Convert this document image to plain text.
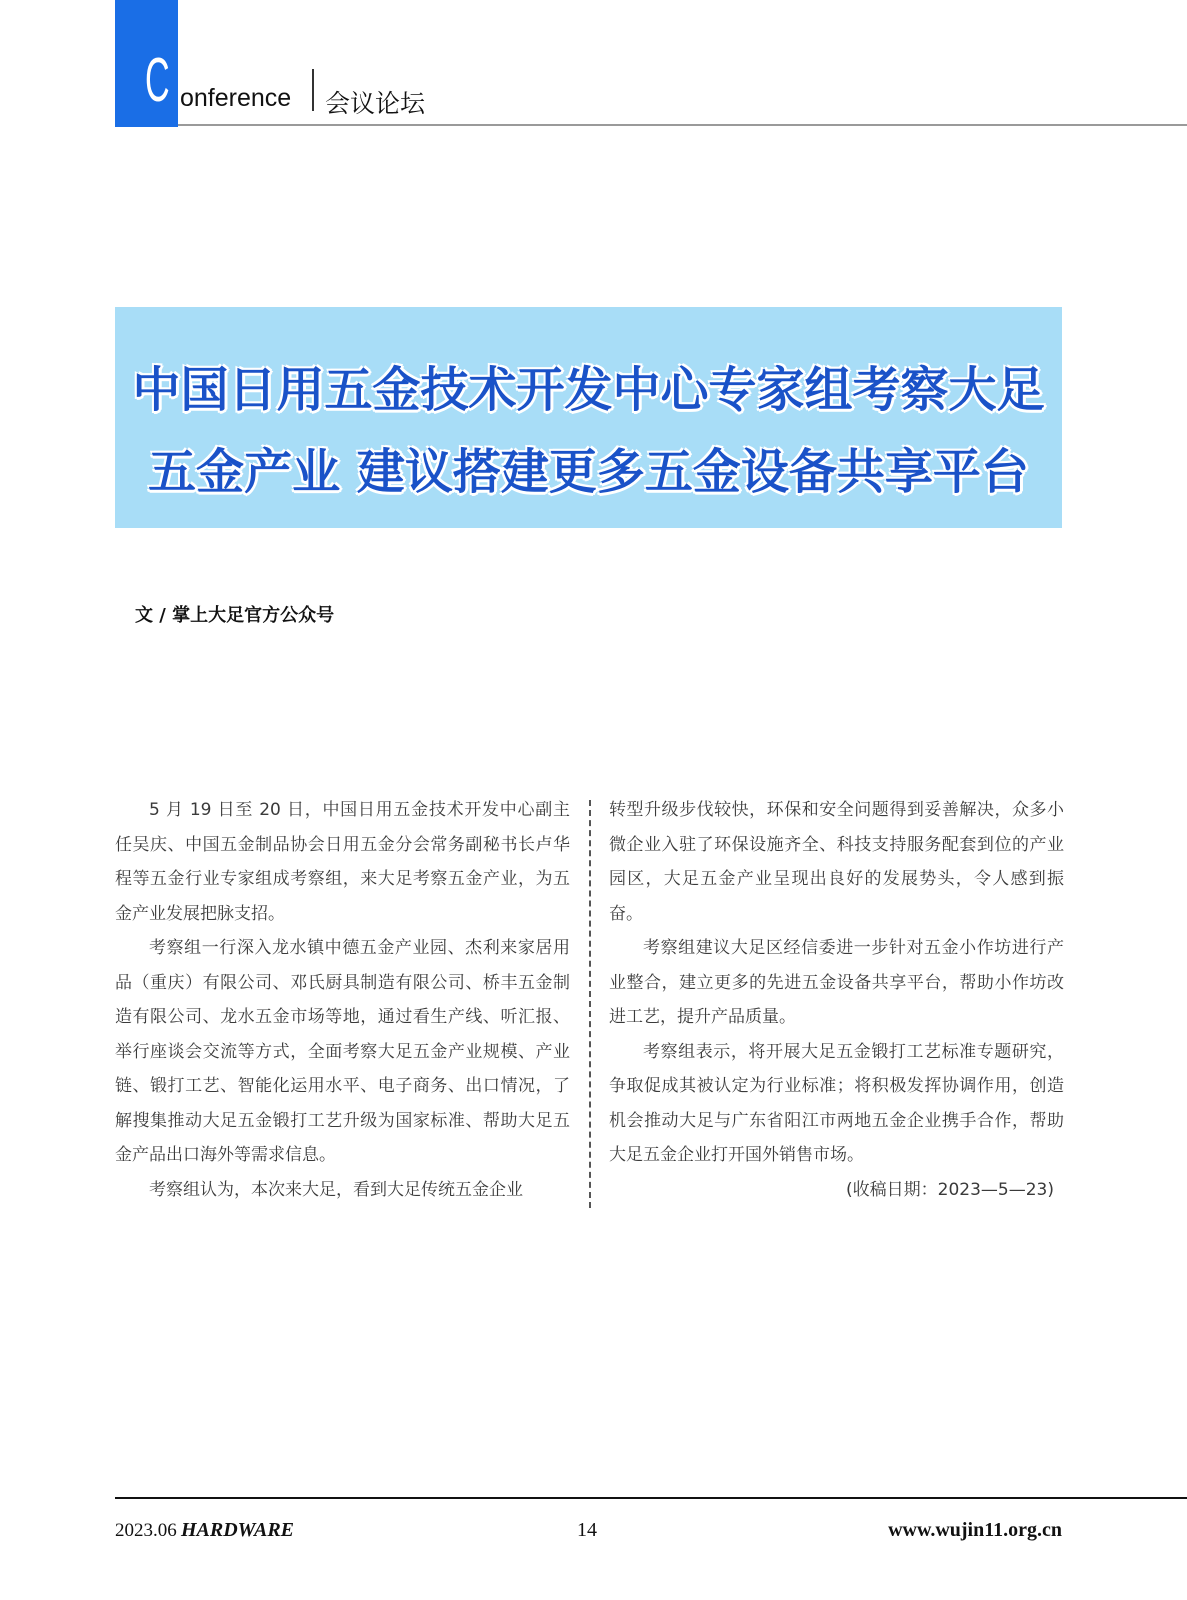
C onference 会议论坛
中国日用五金技术开发中心专家组考察大足
五金产业 建议搭建更多五金设备共享平台
文 / 掌上大足官方公众号

5 月 19 日至 20 日，中国日用五金技术开发中心副主任吴庆、中国五金制品协会日用五金分会常务副秘书长卢华程等五金行业专家组成考察组，来大足考察五金产业，为五金产业发展把脉支招。

考察组一行深入龙水镇中德五金产业园、杰利来家居用品（重庆）有限公司、邓氏厨具制造有限公司、桥丰五金制造有限公司、龙水五金市场等地，通过看生产线、听汇报、举行座谈会交流等方式，全面考察大足五金产业规模、产业链、锻打工艺、智能化运用水平、电子商务、出口情况，了解搜集推动大足五金锻打工艺升级为国家标准、帮助大足五金产品出口海外等需求信息。

考察组认为，本次来大足，看到大足传统五金企业

转型升级步伐较快，环保和安全问题得到妥善解决，众多小微企业入驻了环保设施齐全、科技支持服务配套到位的产业园区，大足五金产业呈现出良好的发展势头，令人感到振奋。

考察组建议大足区经信委进一步针对五金小作坊进行产业整合，建立更多的先进五金设备共享平台，帮助小作坊改进工艺，提升产品质量。

考察组表示，将开展大足五金锻打工艺标准专题研究，争取促成其被认定为行业标准；将积极发挥协调作用，创造机会推动大足与广东省阳江市两地五金企业携手合作，帮助大足五金企业打开国外销售市场。

(收稿日期：2023—5—23)

2023.06 HARDWARE	14	www.wujin11.org.cn
